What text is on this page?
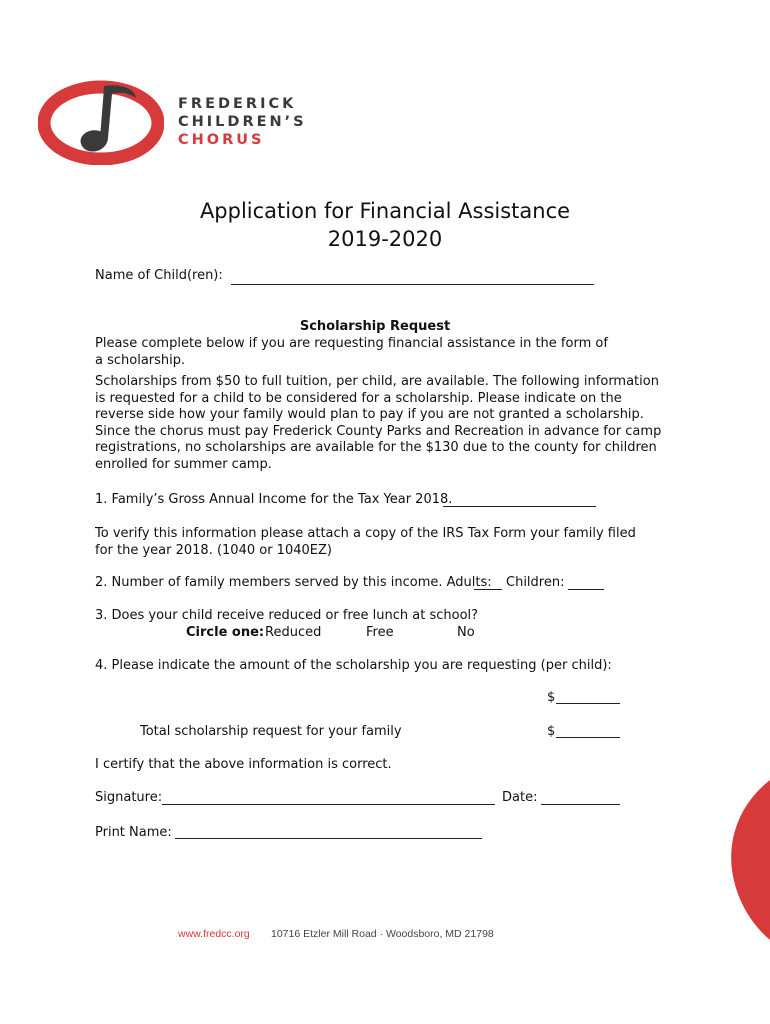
FREDERICK
CHILDREN’S
CHORUS
Application for Financial Assistance
2019-2020
Name of Child(ren):
Scholarship Request
Please complete below if you are requesting financial assistance in the form of a scholarship.
Scholarships from $50 to full tuition, per child, are available. The following information is requested for a child to be considered for a scholarship. Please indicate on the reverse side how your family would plan to pay if you are not granted a scholarship. Since the chorus must pay Frederick County Parks and Recreation in advance for camp registrations, no scholarships are available for the $130 due to the county for children enrolled for summer camp.
1. Family’s Gross Annual Income for the Tax Year 2018.
To verify this information please attach a copy of the IRS Tax Form your family filed for the year 2018. (1040 or 1040EZ)
2. Number of family members served by this income. Adults: Children:
3. Does your child receive reduced or free lunch at school?
Circle one: Reduced	Free	No
4. Please indicate the amount of the scholarship you are requesting (per child):
$
Total scholarship request for your family	$
I certify that the above information is correct.
Signature:	Date:
Print Name:
www.fredcc.org 10716 Etzler Mill Road · Woodsboro, MD 21798
